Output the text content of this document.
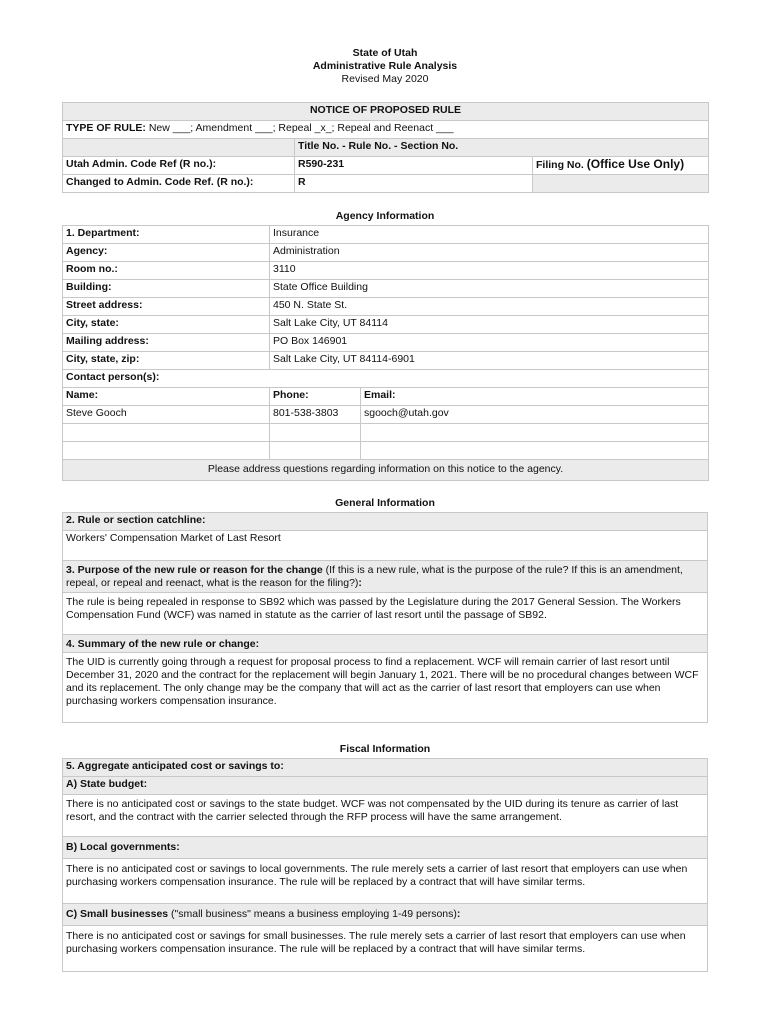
State of Utah
Administrative Rule Analysis
Revised May 2020
NOTICE OF PROPOSED RULE		
TYPE OF RULE: New ___; Amendment ___; Repeal _x_; Repeal and Reenact ___		
	Title No. - Rule No. - Section No.	
Utah Admin. Code Ref (R no.):	R590-231	Filing No. (Office Use Only)
Changed to Admin. Code Ref. (R no.):	R	
Agency Information
1. Department:	Insurance	
Agency:	Administration	
Room no.:	3110	
Building:	State Office Building	
Street address:	450 N. State St.	
City, state:	Salt Lake City, UT 84114	
Mailing address:	PO Box 146901	
City, state, zip:	Salt Lake City, UT 84114-6901	
Contact person(s):		
Name:	Phone:	Email:
Steve Gooch	801-538-3803	sgooch@utah.gov

Please address questions regarding information on this notice to the agency.		
General Information
2. Rule or section catchline:
Workers' Compensation Market of Last Resort
3. Purpose of the new rule or reason for the change (If this is a new rule, what is the purpose of the rule? If this is an amendment, repeal, or repeal and reenact, what is the reason for the filing?):
The rule is being repealed in response to SB92 which was passed by the Legislature during the 2017 General Session. The Workers Compensation Fund (WCF) was named in statute as the carrier of last resort until the passage of SB92.
4. Summary of the new rule or change:
The UID is currently going through a request for proposal process to find a replacement. WCF will remain carrier of last resort until December 31, 2020 and the contract for the replacement will begin January 1, 2021. There will be no procedural changes between WCF and its replacement. The only change may be the company that will act as the carrier of last resort that employers can use when purchasing workers compensation insurance.
Fiscal Information
5. Aggregate anticipated cost or savings to:
A) State budget:
There is no anticipated cost or savings to the state budget. WCF was not compensated by the UID during its tenure as carrier of last resort, and the contract with the carrier selected through the RFP process will have the same arrangement.
B) Local governments:
There is no anticipated cost or savings to local governments. The rule merely sets a carrier of last resort that employers can use when purchasing workers compensation insurance. The rule will be replaced by a contract that will have similar terms.
C) Small businesses ("small business" means a business employing 1-49 persons):
There is no anticipated cost or savings for small businesses. The rule merely sets a carrier of last resort that employers can use when purchasing workers compensation insurance. The rule will be replaced by a contract that will have similar terms.
